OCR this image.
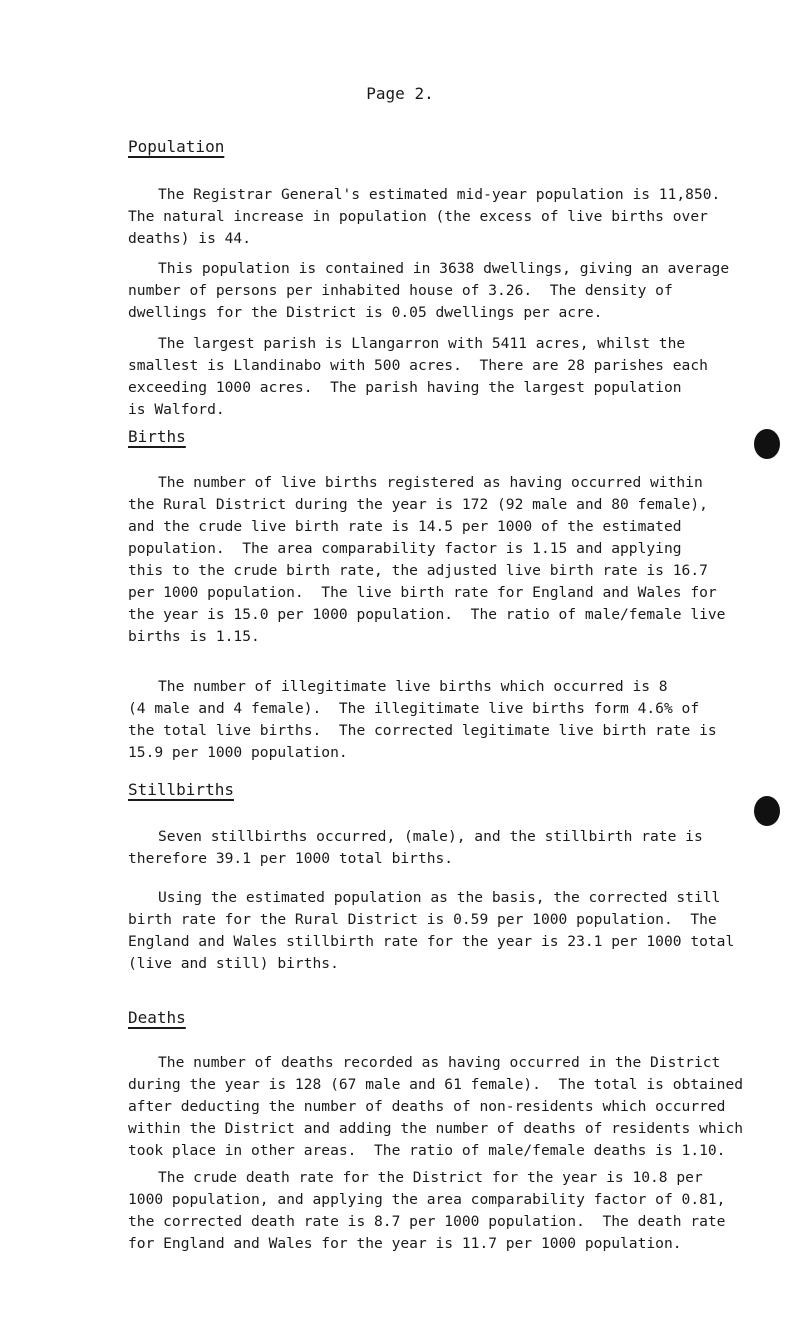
Page 2.
Population

The Registrar General's estimated mid-year population is 11,850.
The natural increase in population (the excess of live births over
deaths) is 44.

This population is contained in 3638 dwellings, giving an average
number of persons per inhabited house of 3.26.  The density of
dwellings for the District is 0.05 dwellings per acre.

The largest parish is Llangarron with 5411 acres, whilst the
smallest is Llandinabo with 500 acres.  There are 28 parishes each
exceeding 1000 acres.  The parish having the largest population
is Walford.

Births

The number of live births registered as having occurred within
the Rural District during the year is 172 (92 male and 80 female),
and the crude live birth rate is 14.5 per 1000 of the estimated
population.  The area comparability factor is 1.15 and applying
this to the crude birth rate, the adjusted live birth rate is 16.7
per 1000 population.  The live birth rate for England and Wales for
the year is 15.0 per 1000 population.  The ratio of male/female live
births is 1.15.

The number of illegitimate live births which occurred is 8
(4 male and 4 female).  The illegitimate live births form 4.6% of
the total live births.  The corrected legitimate live birth rate is
15.9 per 1000 population.

Stillbirths

Seven stillbirths occurred, (male), and the stillbirth rate is
therefore 39.1 per 1000 total births.

Using the estimated population as the basis, the corrected still
birth rate for the Rural District is 0.59 per 1000 population.  The
England and Wales stillbirth rate for the year is 23.1 per 1000 total
(live and still) births.

Deaths

The number of deaths recorded as having occurred in the District
during the year is 128 (67 male and 61 female).  The total is obtained
after deducting the number of deaths of non-residents which occurred
within the District and adding the number of deaths of residents which
took place in other areas.  The ratio of male/female deaths is 1.10.

The crude death rate for the District for the year is 10.8 per
1000 population, and applying the area comparability factor of 0.81,
the corrected death rate is 8.7 per 1000 population.  The death rate
for England and Wales for the year is 11.7 per 1000 population.
